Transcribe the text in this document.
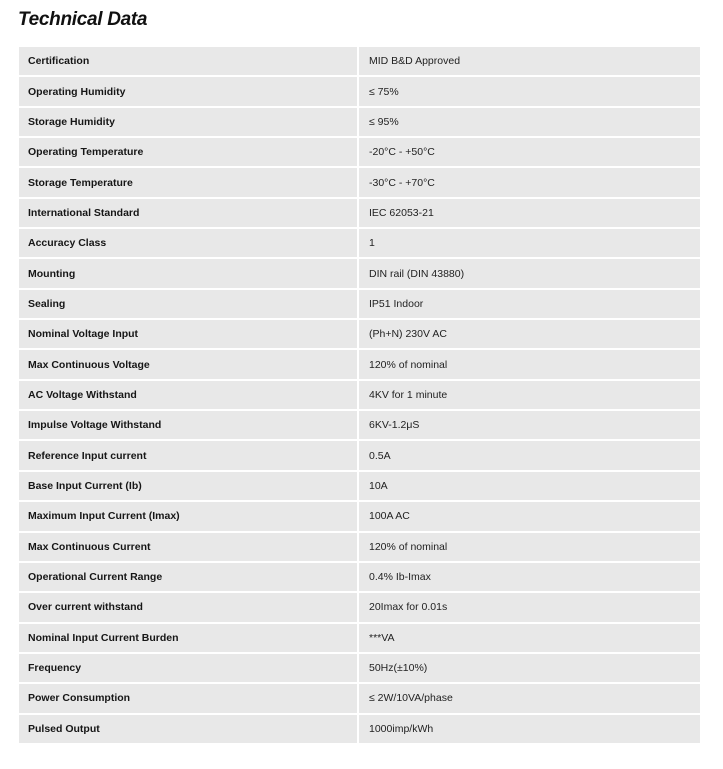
Technical Data
Certification	MID B&D Approved
Operating Humidity	≤ 75%
Storage Humidity	≤ 95%
Operating Temperature	-20°C - +50°C
Storage Temperature	-30°C - +70°C
International Standard	IEC 62053-21
Accuracy Class	1
Mounting	DIN rail (DIN 43880)
Sealing	IP51 Indoor
Nominal Voltage Input	(Ph+N) 230V AC
Max Continuous Voltage	120% of nominal
AC Voltage Withstand	4KV for 1 minute
Impulse Voltage Withstand	6KV-1.2μS
Reference Input current	0.5A
Base Input Current (Ib)	10A
Maximum Input Current (Imax)	100A AC
Max Continuous Current	120% of nominal
Operational Current Range	0.4% Ib-Imax
Over current withstand	20Imax for 0.01s
Nominal Input Current Burden	***VA
Frequency	50Hz(±10%)
Power Consumption	≤ 2W/10VA/phase
Pulsed Output	1000imp/kWh
